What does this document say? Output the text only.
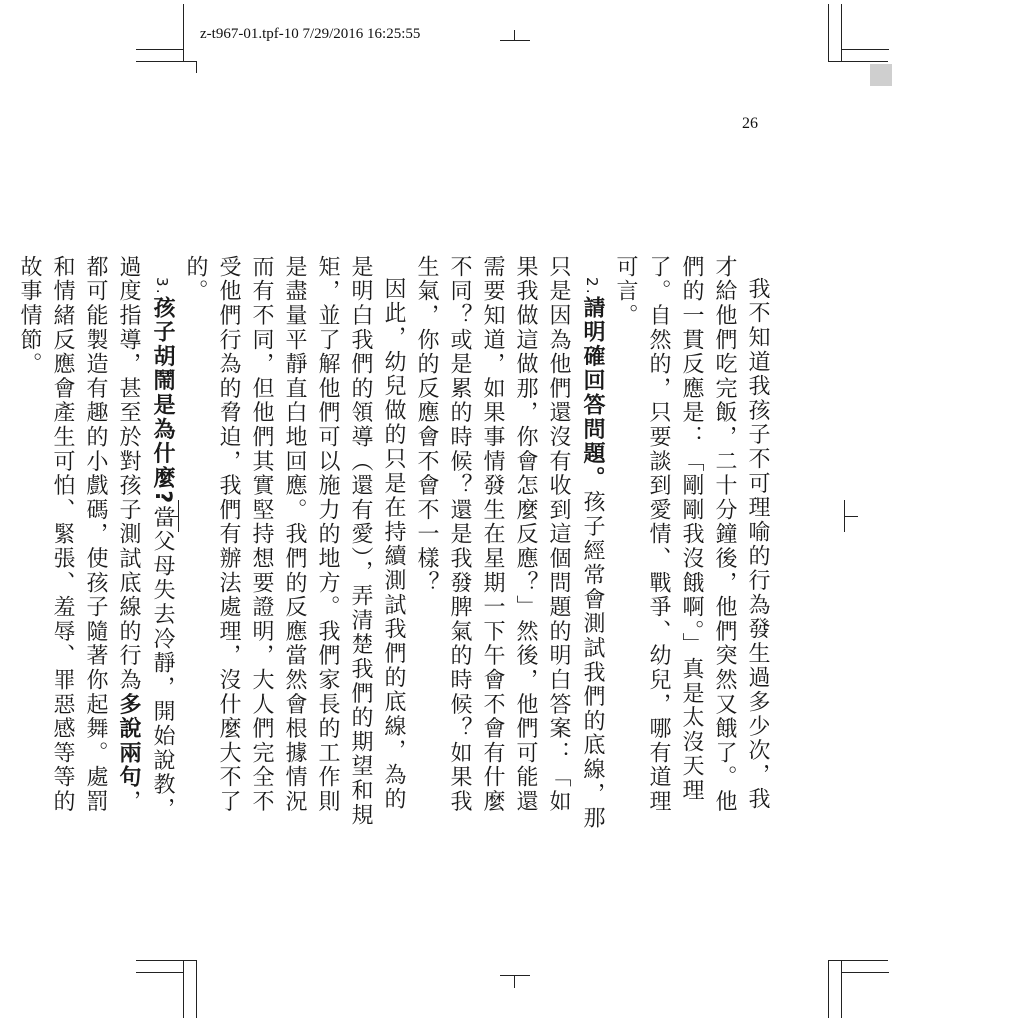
z-t967-01.tpf-10 7/29/2016 16:25:55
26

我不知道我孩子不可理喻的行為發生過多少次，我才給他們吃完飯，二十分鐘後，他們突然又餓了。他們的一貫反應是：「剛剛我沒餓啊。」真是太沒天理了。自然的，只要談到愛情、戰爭、幼兒，哪有道理可言。

2.請明確回答問題。孩子經常會測試我們的底線，那只是因為他們還沒有收到這個問題的明白答案：「如果我做這做那，你會怎麼反應？」然後，他們可能還需要知道，如果事情發生在星期一下午會不會有什麼不同？或是累的時候？還是我發脾氣的時候？如果我生氣，你的反應會不會不一樣？

因此，幼兒做的只是在持續測試我們的底線，為的是明白我們的領導（還有愛），弄清楚我們的期望和規矩，並了解他們可以施力的地方。我們家長的工作則是盡量平靜直白地回應。我們的反應當然會根據情況而有不同，但他們其實堅持想要證明，大人們完全不受他們行為的脅迫，我們有辦法處理，沒什麼大不了的。

3.孩子胡鬧是為什麼?當父母失去冷靜，開始說教，過度指導，甚至於對孩子測試底線的行為多說兩句，都可能製造有趣的小戲碼，使孩子隨著你起舞。處罰和情緒反應會產生可怕、緊張、羞辱、罪惡感等等的故事情節。
